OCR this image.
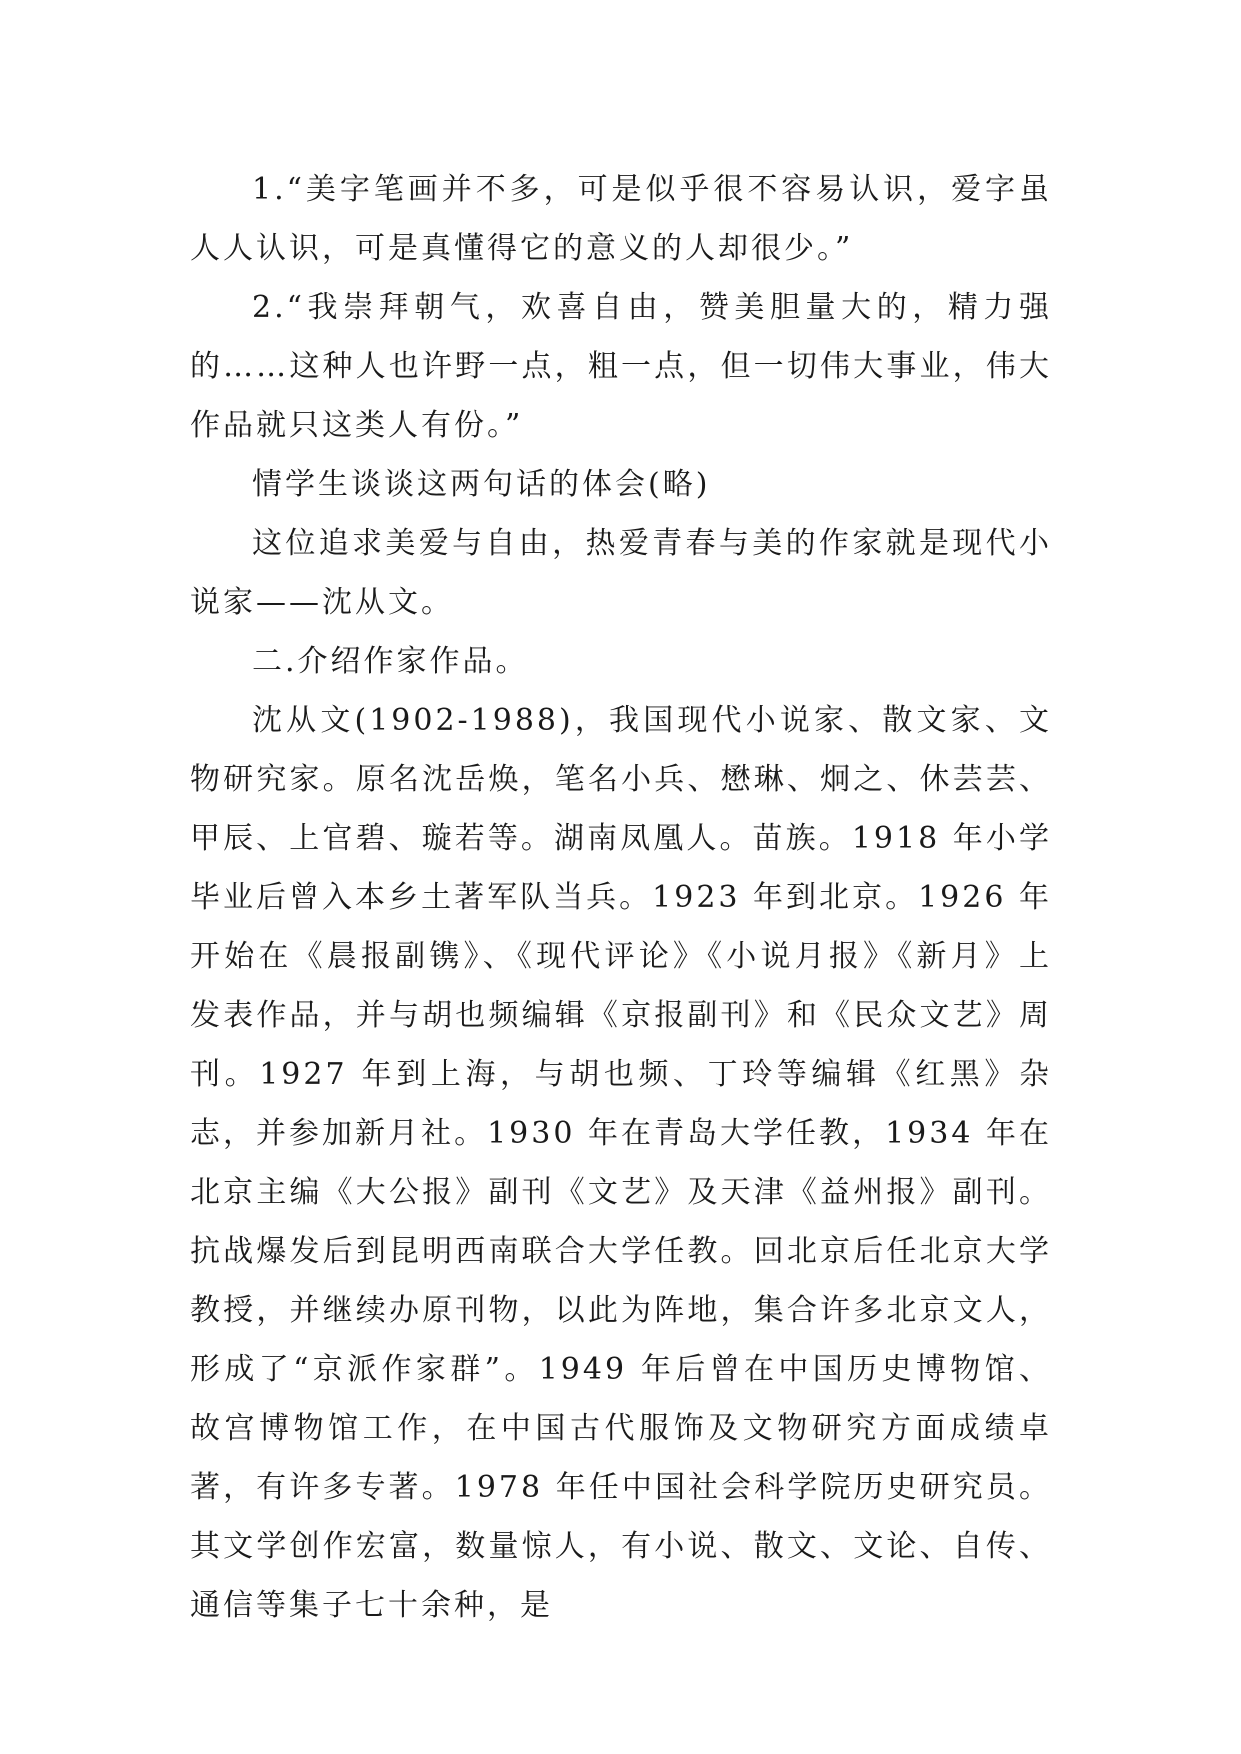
1.“美字笔画并不多，可是似乎很不容易认识，爱字虽人人认识，可是真懂得它的意义的人却很少。”

2.“我崇拜朝气，欢喜自由，赞美胆量大的，精力强的……这种人也许野一点，粗一点，但一切伟大事业，伟大作品就只这类人有份。”

情学生谈谈这两句话的体会(略)

这位追求美爱与自由，热爱青春与美的作家就是现代小说家——沈从文。

二.介绍作家作品。

沈从文(1902-1988)，我国现代小说家、散文家、文物研究家。原名沈岳焕，笔名小兵、懋琳、炯之、休芸芸、甲辰、上官碧、璇若等。湖南凤凰人。苗族。1918 年小学毕业后曾入本乡土著军队当兵。1923 年到北京。1926 年开始在《晨报副镌》、《现代评论》《小说月报》《新月》上发表作品，并与胡也频编辑《京报副刊》和《民众文艺》周刊。1927 年到上海，与胡也频、丁玲等编辑《红黑》杂志，并参加新月社。1930 年在青岛大学任教，1934 年在北京主编《大公报》副刊《文艺》及天津《益州报》副刊。抗战爆发后到昆明西南联合大学任教。回北京后任北京大学教授，并继续办原刊物，以此为阵地，集合许多北京文人，形成了“京派作家群”。1949 年后曾在中国历史博物馆、故宫博物馆工作，在中国古代服饰及文物研究方面成绩卓著，有许多专著。1978 年任中国社会科学院历史研究员。其文学创作宏富，数量惊人，有小说、散文、文论、自传、通信等集子七十余种，是
